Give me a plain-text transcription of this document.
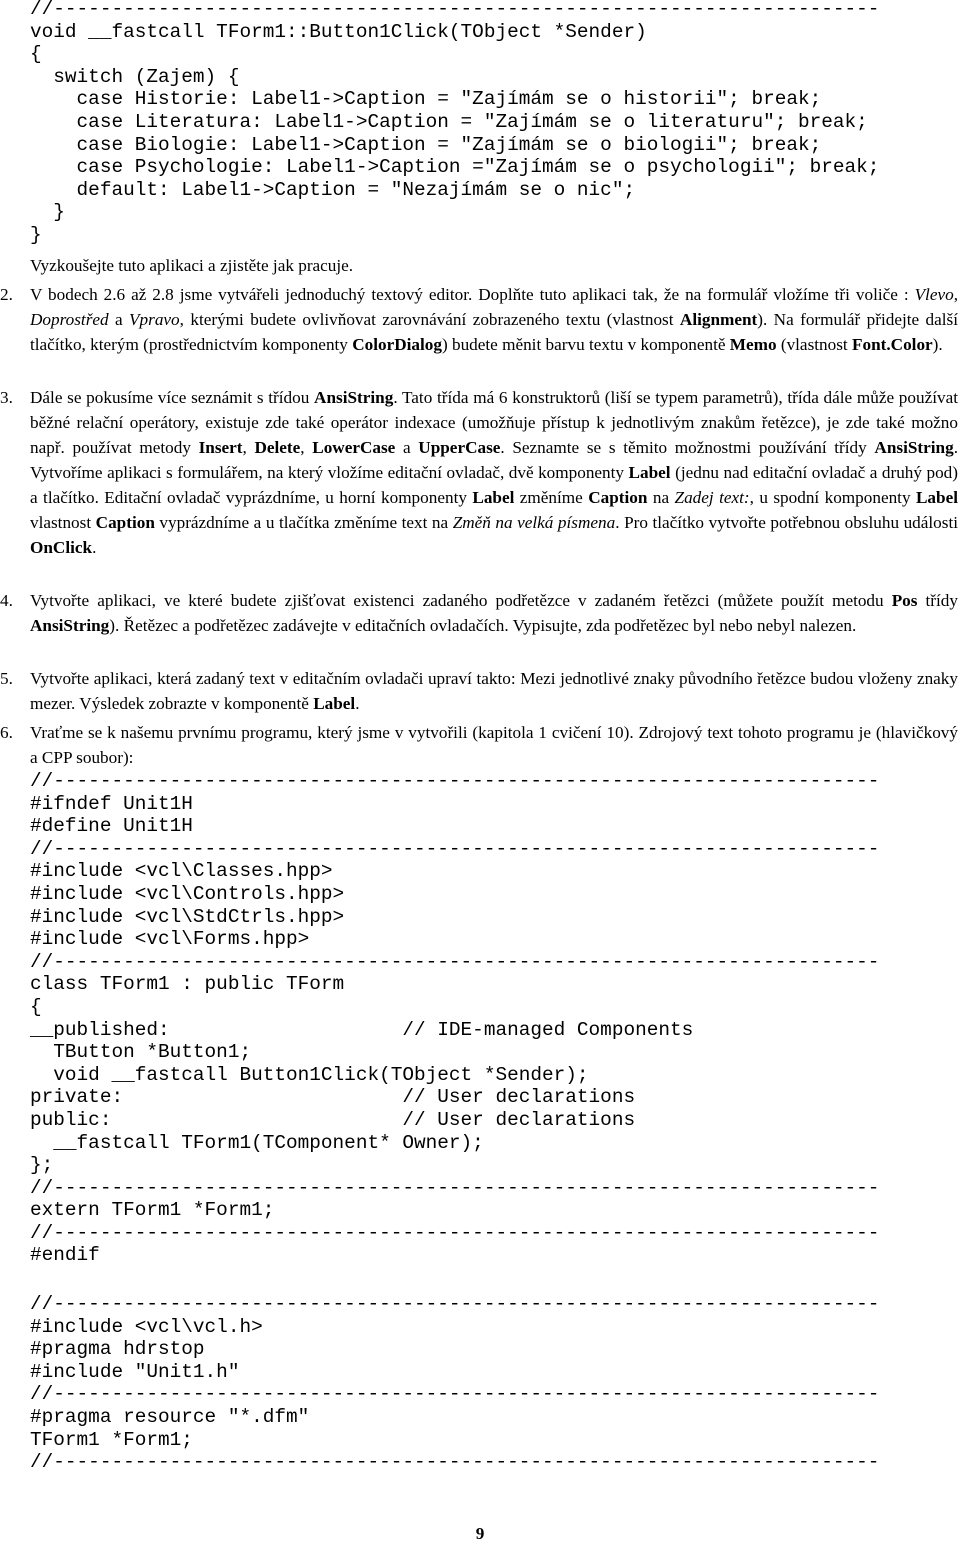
//-----------------------------------------------------------------------
void __fastcall TForm1::Button1Click(TObject *Sender)
{
switch (Zajem) {
case Historie: Label1->Caption = "Zajímám se o historii"; break;
case Literatura: Label1->Caption = "Zajímám se o literaturu"; break;
case Biologie: Label1->Caption = "Zajímám se o biologii"; break;
case Psychologie: Label1->Caption ="Zajímám se o psychologii"; break;
default: Label1->Caption = "Nezajímám se o nic";
}
}
Vyzkoušejte tuto aplikaci a zjistěte jak pracuje.
2. V bodech 2.6 až 2.8 jsme vytvářeli jednoduchý textový editor. Doplňte tuto aplikaci tak, že na formulář vložíme tři voliče : Vlevo, Doprostřed a Vpravo, kterými budete ovlivňovat zarovnávání zobrazeného textu (vlastnost Alignment). Na formulář přidejte další tlačítko, kterým (prostřednictvím komponenty ColorDialog) budete měnit barvu textu v komponentě Memo (vlastnost Font.Color).
3. Dále se pokusíme více seznámit s třídou AnsiString. Tato třída má 6 konstruktorů (liší se typem parametrů), třída dále může používat běžné relační operátory, existuje zde také operátor indexace (umožňuje přístup k jednotlivým znakům řetězce), je zde také možno např. používat metody Insert, Delete, LowerCase a UpperCase. Seznamte se s těmito možnostmi používání třídy AnsiString. Vytvoříme aplikaci s formulářem, na který vložíme editační ovladač, dvě komponenty Label (jednu nad editační ovladač a druhý pod) a tlačítko. Editační ovladač vyprázdníme, u horní komponenty Label změníme Caption na Zadej text:, u spodní komponenty Label vlastnost Caption vyprázdníme a u tlačítka změníme text na Změň na velká písmena. Pro tlačítko vytvořte potřebnou obsluhu události OnClick.
4. Vytvořte aplikaci, ve které budete zjišťovat existenci zadaného podřetězce v zadaném řetězci (můžete použít metodu Pos třídy AnsiString). Řetězec a podřetězec zadávejte v editačních ovladačích. Vypisujte, zda podřetězec byl nebo nebyl nalezen.
5. Vytvořte aplikaci, která zadaný text v editačním ovladači upraví takto: Mezi jednotlivé znaky původního řetězce budou vloženy znaky mezer. Výsledek zobrazte v komponentě Label.
6. Vraťme se k našemu prvnímu programu, který jsme v vytvořili (kapitola 1 cvičení 10). Zdrojový text tohoto programu je (hlavičkový a CPP soubor):
//-----------------------------------------------------------------------
#ifndef Unit1H
#define Unit1H
//-----------------------------------------------------------------------
#include <vcl\Classes.hpp>
#include <vcl\Controls.hpp>
#include <vcl\StdCtrls.hpp>
#include <vcl\Forms.hpp>
//-----------------------------------------------------------------------
class TForm1 : public TForm
{
__published:                    // IDE-managed Components
TButton *Button1;
void __fastcall Button1Click(TObject *Sender);
private:                        // User declarations
public:                         // User declarations
__fastcall TForm1(TComponent* Owner);
};
//-----------------------------------------------------------------------
extern TForm1 *Form1;
//-----------------------------------------------------------------------
#endif
//-----------------------------------------------------------------------
#include <vcl\vcl.h>
#pragma hdrstop
#include "Unit1.h"
//-----------------------------------------------------------------------
#pragma resource "*.dfm"
TForm1 *Form1;
//-----------------------------------------------------------------------
9
